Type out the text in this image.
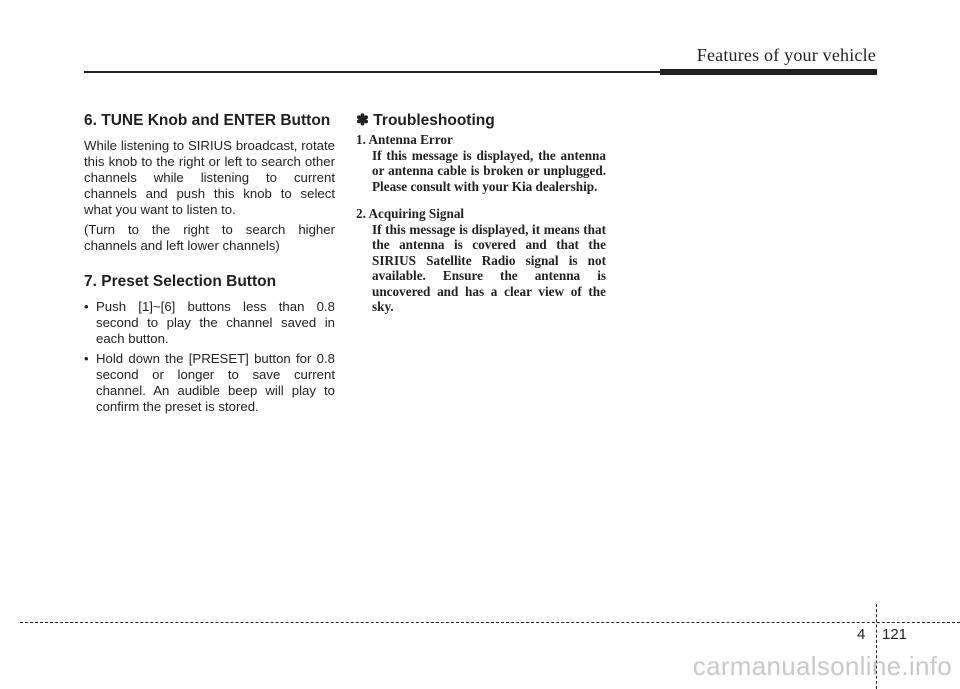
Features of your vehicle
6. TUNE Knob and ENTER Button

While listening to SIRIUS broadcast, rotate this knob to the right or left to search other channels while listening to current channels and push this knob to select what you want to listen to.

(Turn to the right to search higher channels and left lower channels)

7. Preset Selection Button
• Push [1]~[6] buttons less than 0.8 second to play the channel saved in each button.
• Hold down the [PRESET] button for 0.8 second or longer to save current channel. An audible beep will play to confirm the preset is stored.
✽ Troubleshooting
1. Antenna Error
If this message is displayed, the antenna or antenna cable is broken or unplugged. Please consult with your Kia dealership.
2. Acquiring Signal
If this message is displayed, it means that the antenna is covered and that the SIRIUS Satellite Radio signal is not available. Ensure the antenna is uncovered and has a clear view of the sky.
4 121
carmanualsonline.info
